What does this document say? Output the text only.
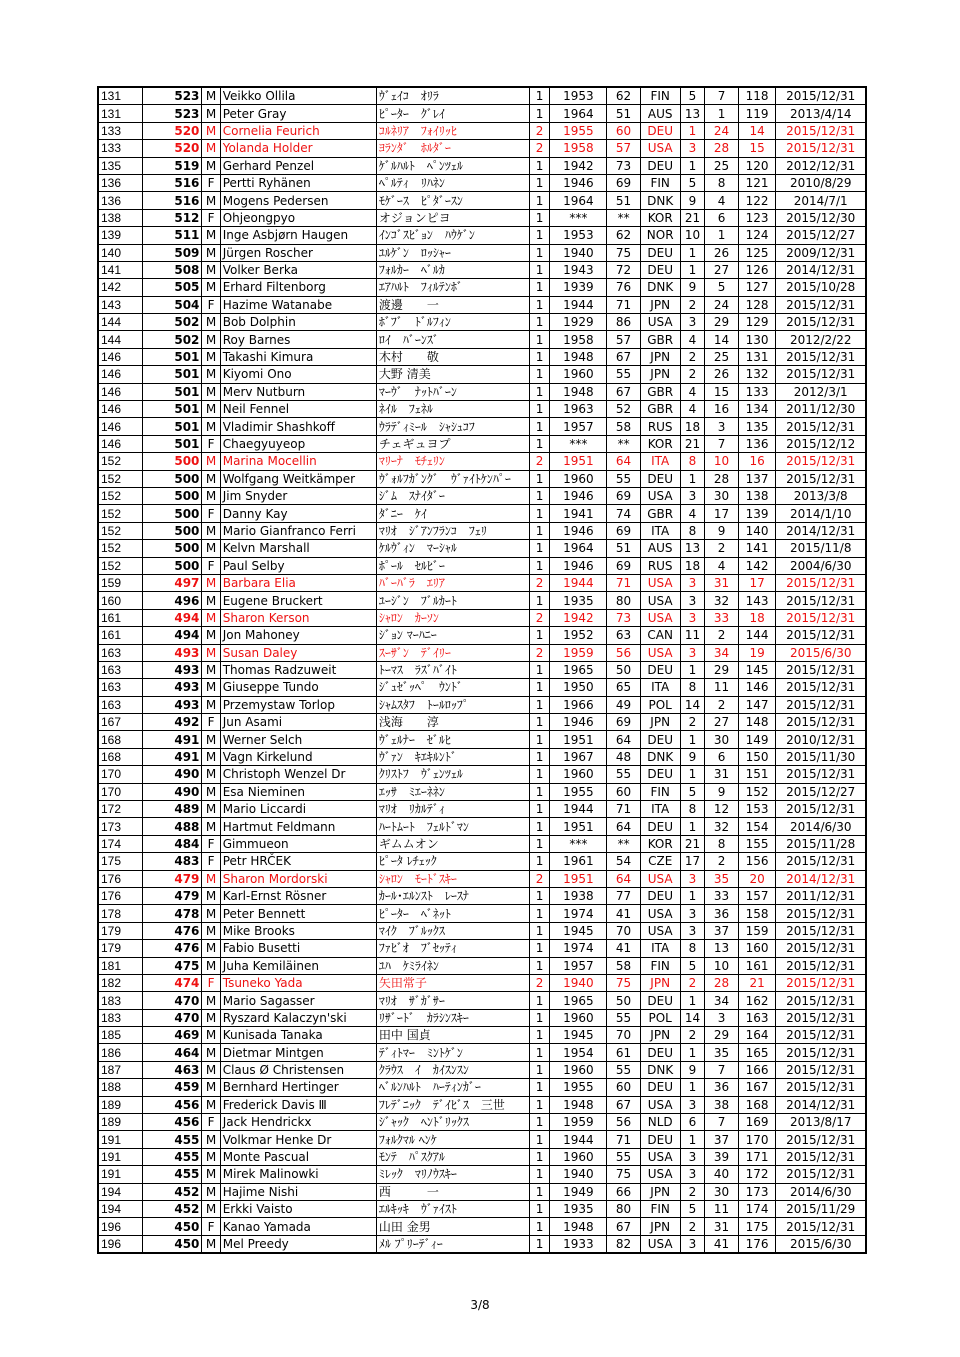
131	523	M	Veikko Ollila	ｳﾞｪｲｺ　ｵﾘﾗ	1	1953	62	FIN	5	7	118	2015/12/31
131	523	M	Peter Gray	ﾋﾟｰﾀｰ　ｸﾞﾚｲ	1	1964	51	AUS	13	1	119	2013/4/14
133	520	M	Cornelia Feurich	ｺﾙﾈﾘｱ　ﾌｫｲﾘｯﾋ	2	1955	60	DEU	1	24	14	2015/12/31
133	520	M	Yolanda Holder	ﾖﾗﾝﾀﾞ　ﾎﾙﾀﾞｰ	2	1958	57	USA	3	28	15	2015/12/31
135	519	M	Gerhard Penzel	ｹﾞﾙﾊﾙﾄ　ﾍﾟﾝﾂｪﾙ	1	1942	73	DEU	1	25	120	2012/12/31
136	516	F	Pertti Ryhänen	ﾍﾟﾙﾃｨ　ﾘﾊﾈﾝ	1	1946	69	FIN	5	8	121	2010/8/29
136	516	M	Mogens Pedersen	ﾓｹﾞｰｽ　ﾋﾟﾀﾞｰｽﾝ	1	1964	51	DNK	9	4	122	2014/7/1
138	512	F	Ohjeongpyo	オジョンピヨ	1	***	**	KOR	21	6	123	2015/12/30
139	511	M	Inge Asbjørn Haugen	ｲﾝｺﾞｽﾋﾞｮﾝ　ﾊｳｹﾞﾝ	1	1953	62	NOR	10	1	124	2015/12/27
140	509	M	Jürgen Roscher	ﾕﾙｹﾞﾝ　ﾛｯｼｬｰ	1	1940	75	DEU	1	26	125	2009/12/31
141	508	M	Volker Berka	ﾌｫﾙｶｰ　ﾍﾞﾙｶ	1	1943	72	DEU	1	27	126	2014/12/31
142	505	M	Erhard Filtenborg	ｴｱﾊﾙﾄ　ﾌｨﾙﾃﾝﾎﾞ	1	1939	76	DNK	9	5	127	2015/10/28
143	504	F	Hazime Watanabe	渡邊　　一	1	1944	71	JPN	2	24	128	2015/12/31
144	502	M	Bob Dolphin	ﾎﾞﾌﾞ　ﾄﾞﾙﾌｨﾝ	1	1929	86	USA	3	29	129	2015/12/31
144	502	M	Roy Barnes	ﾛｲ　ﾊﾞｰﾝｽﾞ	1	1958	57	GBR	4	14	130	2012/2/22
146	501	M	Takashi Kimura	木村　　敬	1	1948	67	JPN	2	25	131	2015/12/31
146	501	M	Kiyomi Ono	大野 清美	1	1960	55	JPN	2	26	132	2015/12/31
146	501	M	Merv Nutburn	ﾏｰｳﾞ　ﾅｯﾄﾊﾞｰﾝ	1	1948	67	GBR	4	15	133	2012/3/1
146	501	M	Neil Fennel	ﾈｲﾙ　ﾌｪﾈﾙ	1	1963	52	GBR	4	16	134	2011/12/30
146	501	M	Vladimir Shashkoff	ｳﾗﾃﾞｨﾐｰﾙ　ｼｬｼｭｺﾌ	1	1957	58	RUS	18	3	135	2015/12/31
146	501	F	Chaegyuyeop	チェギュヨプ	1	***	**	KOR	21	7	136	2015/12/12
152	500	M	Marina Mocellin	ﾏﾘｰﾅ　ﾓﾁｪﾘﾝ	2	1951	64	ITA	8	10	16	2015/12/31
152	500	M	Wolfgang Weitkämper	ｳﾞｫﾙﾌｶﾞﾝｸﾞ　ｳﾞｧｲﾄｹﾝﾊﾟｰ	1	1960	55	DEU	1	28	137	2015/12/31
152	500	M	Jim Snyder	ｼﾞﾑ　ｽﾅｲﾀﾞｰ	1	1946	69	USA	3	30	138	2013/3/8
152	500	F	Danny Kay	ﾀﾞﾆｰ　ｹｲ	1	1941	74	GBR	4	17	139	2014/1/10
152	500	M	Mario Gianfranco Ferri	ﾏﾘｵ　ｼﾞｱﾝﾌﾗﾝｺ　ﾌｪﾘ	1	1946	69	ITA	8	9	140	2014/12/31
152	500	M	Kelvn Marshall	ｹﾙｳﾞｨﾝ　ﾏｰｼｬﾙ	1	1964	51	AUS	13	2	141	2015/11/8
152	500	F	Paul Selby	ﾎﾟｰﾙ　ｾﾙﾋﾞｰ	1	1946	69	RUS	18	4	142	2004/6/30
159	497	M	Barbara Elia	ﾊﾞｰﾊﾞﾗ　ｴﾘｱ	2	1944	71	USA	3	31	17	2015/12/31
160	496	M	Eugene Bruckert	ﾕｰｼﾞﾝ　ﾌﾞﾙｶｰﾄ	1	1935	80	USA	3	32	143	2015/12/31
161	494	M	Sharon Kerson	ｼｬﾛﾝ　ｶｰｿﾝ	2	1942	73	USA	3	33	18	2015/12/31
161	494	M	Jon Mahoney	ｼﾞｮﾝ ﾏｰﾊﾆｰ	1	1952	63	CAN	11	2	144	2015/12/31
163	493	M	Susan Daley	ｽｰｻﾞﾝ　ﾃﾞｲﾘｰ	2	1959	56	USA	3	34	19	2015/6/30
163	493	M	Thomas Radzuweit	ﾄｰﾏｽ　ﾗｽﾞﾊﾞｲﾄ	1	1965	50	DEU	1	29	145	2015/12/31
163	493	M	Giuseppe Tundo	ｼﾞｭｾﾞｯﾍﾟ　ｳﾝﾄﾞ	1	1950	65	ITA	8	11	146	2015/12/31
163	493	M	Przemystaw Torlop	ｼｬﾑｽﾀﾌ　ﾄｰﾙﾛｯﾌﾟ	1	1966	49	POL	14	2	147	2015/12/31
167	492	F	Jun Asami	浅海　　淳	1	1946	69	JPN	2	27	148	2015/12/31
168	491	M	Werner Selch	ｳﾞｪﾙﾅｰ　ｾﾞﾙﾋ	1	1951	64	DEU	1	30	149	2010/12/31
168	491	M	Vagn Kirkelund	ｳﾞｧﾝ　ｷｴｷﾙﾝﾄﾞ	1	1967	48	DNK	9	6	150	2015/11/30
170	490	M	Christoph Wenzel Dr	ｸﾘｽﾄﾌ　ｳﾞｪﾝﾂｪﾙ	1	1960	55	DEU	1	31	151	2015/12/31
170	490	M	Esa Nieminen	ｴｯｻ　ﾐｴｰﾈﾈﾝ	1	1955	60	FIN	5	9	152	2015/12/27
172	489	M	Mario Liccardi	ﾏﾘｵ　ﾘｶﾙﾃﾞｨ	1	1944	71	ITA	8	12	153	2015/12/31
173	488	M	Hartmut Feldmann	ﾊｰﾄﾑｰﾄ　ﾌｪﾙﾄﾞﾏﾝ	1	1951	64	DEU	1	32	154	2014/6/30
174	484	F	Gimmueon	ギムムオン	1	***	**	KOR	21	8	155	2015/11/28
175	483	F	Petr HRČEK	ﾋﾟｰﾀ ﾚﾁｪｯｸ	1	1961	54	CZE	17	2	156	2015/12/31
176	479	M	Sharon Mordorski	ｼｬﾛﾝ　ﾓｰﾄﾞｽｷｰ	2	1951	64	USA	3	35	20	2014/12/31
176	479	M	Karl-Ernst Rösner	ｶｰﾙ･ｴﾙﾝｽﾄ　ﾚｰｽﾅ	1	1938	77	DEU	1	33	157	2011/12/31
178	478	M	Peter Bennett	ﾋﾟｰﾀｰ　ﾍﾞﾈｯﾄ	1	1974	41	USA	3	36	158	2015/12/31
179	476	M	Mike Brooks	ﾏｲｸ　ﾌﾞﾙｯｸｽ	1	1945	70	USA	3	37	159	2015/12/31
179	476	M	Fabio Busetti	ﾌｧﾋﾞｵ　ﾌﾞｾｯﾃｨ	1	1974	41	ITA	8	13	160	2015/12/31
181	475	M	Juha Kemiläinen	ﾕﾊ　ｹﾐﾗｲﾈﾝ	1	1957	58	FIN	5	10	161	2015/12/31
182	474	F	Tsuneko Yada	矢田常子	2	1940	75	JPN	2	28	21	2015/12/31
183	470	M	Mario Sagasser	ﾏﾘｵ　ｻﾞｶﾞｻｰ	1	1965	50	DEU	1	34	162	2015/12/31
183	470	M	Ryszard Kalaczyn'ski	ﾘｻﾞｰﾄﾞ　ｶﾗｼﾝｽｷｰ	1	1960	55	POL	14	3	163	2015/12/31
185	469	M	Kunisada Tanaka	田中 国貞	1	1945	70	JPN	2	29	164	2015/12/31
186	464	M	Dietmar Mintgen	ﾃﾞｨﾄﾏｰ　ﾐﾝﾄｹﾞﾝ	1	1954	61	DEU	1	35	165	2015/12/31
187	463	M	Claus Ø Christensen	ｸﾗｳｽ　ｲ　ｶｲｽﾝｽﾝ	1	1960	55	DNK	9	7	166	2015/12/31
188	459	M	Bernhard Hertinger	ﾍﾞﾙﾝﾊﾙﾄ　ﾊｰﾃｨﾝｶﾞｰ	1	1955	60	DEU	1	36	167	2015/12/31
189	456	M	Frederick Davis Ⅲ	ﾌﾚﾃﾞﾆｯｸ　ﾃﾞｲﾋﾞｽ　三世	1	1948	67	USA	3	38	168	2014/12/31
189	456	F	Jack Hendrickx	ｼﾞｬｯｸ　ﾍﾝﾄﾞﾘｯｸｽ	1	1959	56	NLD	6	7	169	2013/8/17
191	455	M	Volkmar Henke Dr	ﾌｫﾙｸﾏﾙ ﾍﾝｹ	1	1944	71	DEU	1	37	170	2015/12/31
191	455	M	Monte Pascual	ﾓﾝﾃ　ﾊﾟｽｸｱﾙ	1	1960	55	USA	3	39	171	2015/12/31
191	455	M	Mirek Malinowki	ﾐﾚｯｸ　ﾏﾘﾉｳｽｷｰ	1	1940	75	USA	3	40	172	2015/12/31
194	452	M	Hajime Nishi	西　　　一	1	1949	66	JPN	2	30	173	2014/6/30
194	452	M	Erkki Vaisto	ｴﾙｷｯｷ　ｳﾞｧｲｽﾄ	1	1935	80	FIN	5	11	174	2015/11/29
196	450	F	Kanao Yamada	山田 金男	1	1948	67	JPN	2	31	175	2015/12/31
196	450	M	Mel Preedy	ﾒﾙ ﾌﾟﾘｰﾃﾞｨｰ	1	1933	82	USA	3	41	176	2015/6/30
3/8
